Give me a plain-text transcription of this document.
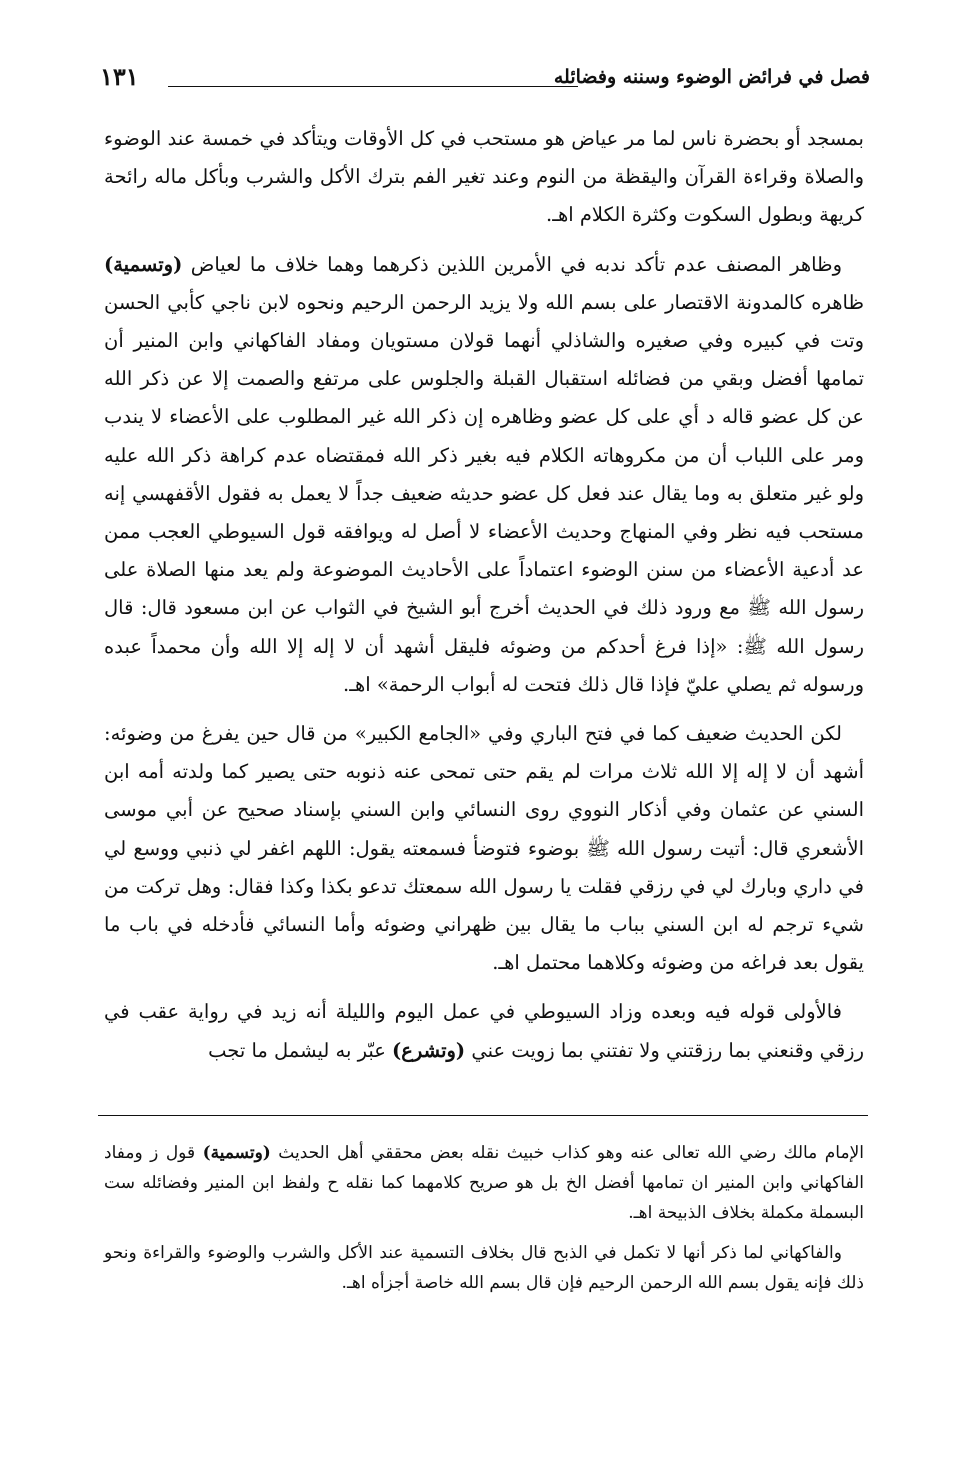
فصل في فرائض الوضوء وسننه وفضائله
١٣١

بمسجد أو بحضرة ناس لما مر عياض هو مستحب في كل الأوقات ويتأكد في خمسة عند الوضوء والصلاة وقراءة القرآن واليقظة من النوم وعند تغير الفم بترك الأكل والشرب وبأكل ماله رائحة كريهة وبطول السكوت وكثرة الكلام اهـ.

وظاهر المصنف عدم تأكد ندبه في الأمرين اللذين ذكرهما وهما خلاف ما لعياض (وتسمية) ظاهره كالمدونة الاقتصار على بسم الله ولا يزيد الرحمن الرحيم ونحوه لابن ناجي كأبي الحسن وتت في كبيره وفي صغيره والشاذلي أنهما قولان مستويان ومفاد الفاكهاني وابن المنير أن تمامها أفضل وبقي من فضائله استقبال القبلة والجلوس على مرتفع والصمت إلا عن ذكر الله عن كل عضو قاله د أي على كل عضو وظاهره إن ذكر الله غير المطلوب على الأعضاء لا يندب ومر على اللباب أن من مكروهاته الكلام فيه بغير ذكر الله فمقتضاه عدم كراهة ذكر الله عليه ولو غير متعلق به وما يقال عند فعل كل عضو حديثه ضعيف جداً لا يعمل به فقول الأقفهسي إنه مستحب فيه نظر وفي المنهاج وحديث الأعضاء لا أصل له ويوافقه قول السيوطي العجب ممن عد أدعية الأعضاء من سنن الوضوء اعتماداً على الأحاديث الموضوعة ولم يعد منها الصلاة على رسول الله ﷺ مع ورود ذلك في الحديث أخرج أبو الشيخ في الثواب عن ابن مسعود قال: قال رسول الله ﷺ: «إذا فرغ أحدكم من وضوئه فليقل أشهد أن لا إله إلا الله وأن محمداً عبده ورسوله ثم يصلي عليّ فإذا قال ذلك فتحت له أبواب الرحمة» اهـ.

لكن الحديث ضعيف كما في فتح الباري وفي «الجامع الكبير» من قال حين يفرغ من وضوئه: أشهد أن لا إله إلا الله ثلاث مرات لم يقم حتى تمحى عنه ذنوبه حتى يصير كما ولدته أمه ابن السني عن عثمان وفي أذكار النووي روى النسائي وابن السني بإسناد صحيح عن أبي موسى الأشعري قال: أتيت رسول الله ﷺ بوضوء فتوضأ فسمعته يقول: اللهم اغفر لي ذنبي ووسع لي في داري وبارك لي في رزقي فقلت يا رسول الله سمعتك تدعو بكذا وكذا فقال: وهل تركت من شيء ترجم له ابن السني بباب ما يقال بين ظهراني وضوئه وأما النسائي فأدخله في باب ما يقول بعد فراغه من وضوئه وكلاهما محتمل اهـ.

فالأولى قوله فيه وبعده وزاد السيوطي في عمل اليوم والليلة أنه زيد في رواية عقب في رزقي وقنعني بما رزقتني ولا تفتني بما زويت عني (وتشرع) عبّر به ليشمل ما تجب

الإمام مالك رضي الله تعالى عنه وهو كذاب خبيث نقله بعض محققي أهل الحديث (وتسمية) قول ز ومفاد الفاكهاني وابن المنير ان تمامها أفضل الخ بل هو صريح كلامهما كما نقله ح ولفظ ابن المنير وفضائله ست البسملة مكملة بخلاف الذبيحة اهـ.

والفاكهاني لما ذكر أنها لا تكمل في الذبح قال بخلاف التسمية عند الأكل والشرب والوضوء والقراءة ونحو ذلك فإنه يقول بسم الله الرحمن الرحيم فإن قال بسم الله خاصة أجزأه اهـ.
